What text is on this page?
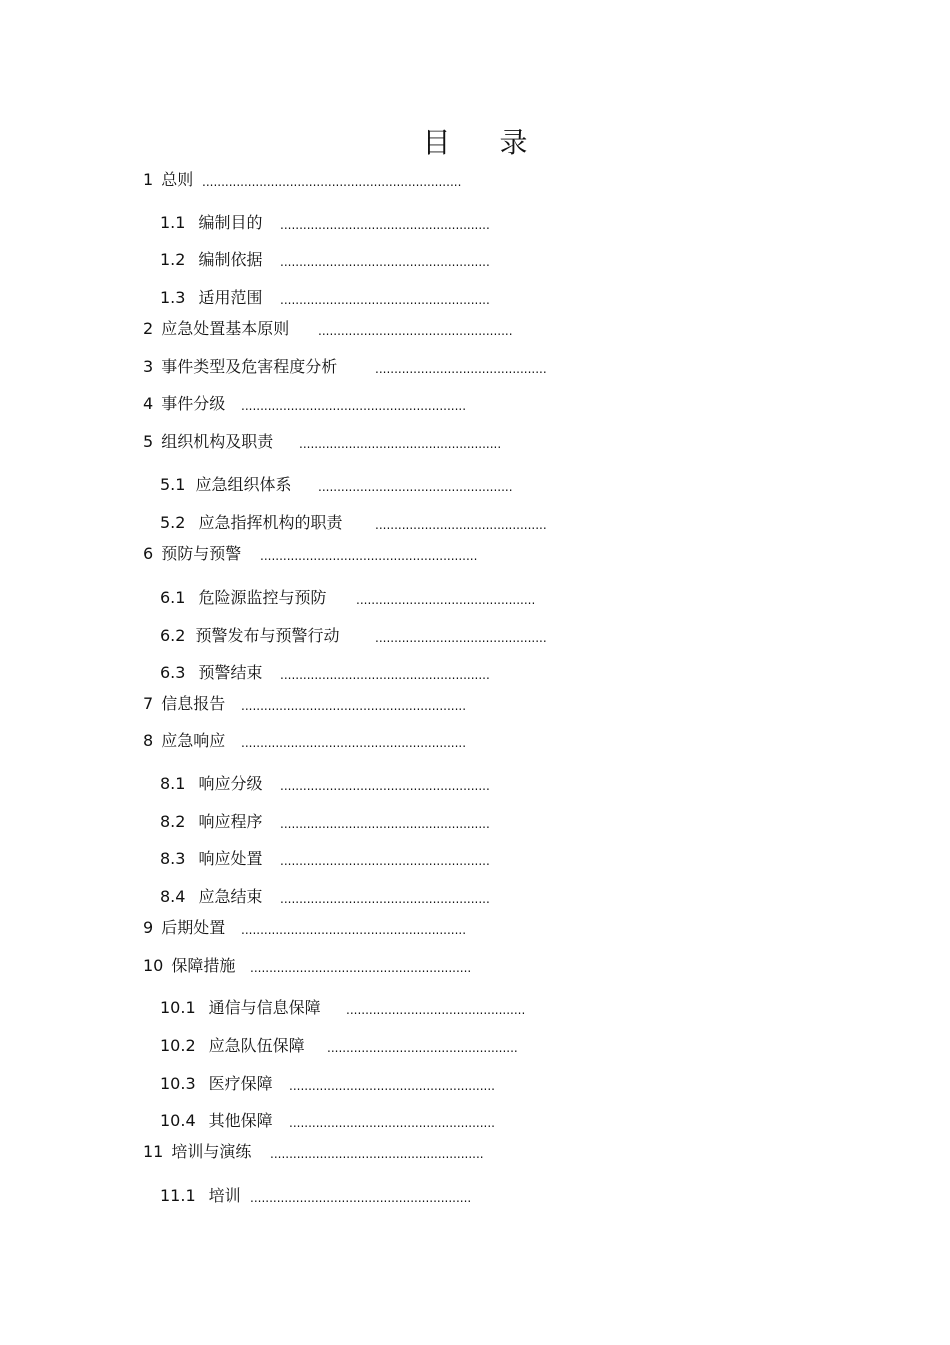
目 录
1 总则 ....................................................................
1.1 编制目的 .......................................................
1.2 编制依据 .......................................................
1.3 适用范围 .......................................................
2 应急处置基本原则 ...................................................
3 事件类型及危害程度分析	.............................................
4 事件分级 ...........................................................
5 组织机构及职责 .....................................................
5.1 应急组织体系 ...................................................
5.2 应急指挥机构的职责	.............................................
6 预防与预警 .........................................................
6.1 危险源监控与预防 ...............................................
6.2 预警发布与预警行动	.............................................
6.3 预警结束 .......................................................
7 信息报告 ...........................................................
8 应急响应 ...........................................................
8.1 响应分级 .......................................................
8.2 响应程序 .......................................................
8.3 响应处置 .......................................................
8.4 应急结束 .......................................................
9 后期处置 ...........................................................
10 保障措施 ..........................................................
10.1 通信与信息保障 ...............................................
10.2 应急队伍保障 ..................................................
10.3 医疗保障 ......................................................
10.4 其他保障 ......................................................
11 培训与演练 ........................................................
11.1 培训 ..........................................................
